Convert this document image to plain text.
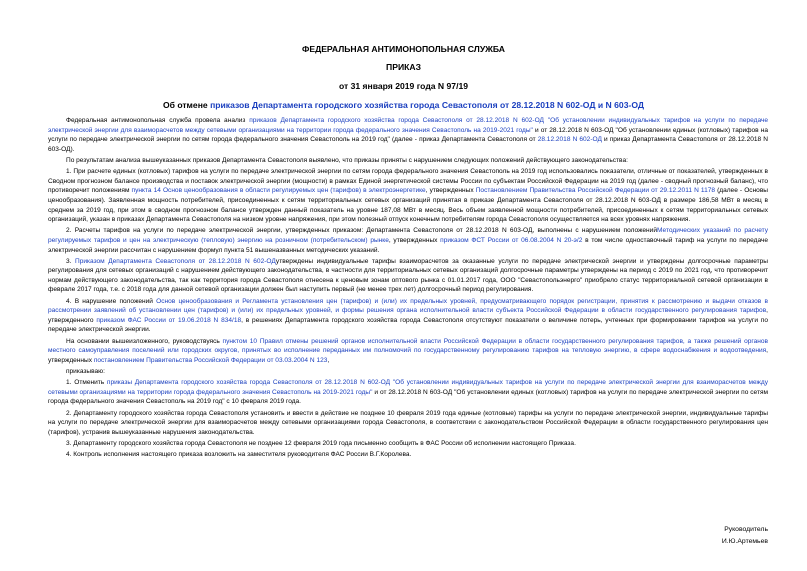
ФЕДЕРАЛЬНАЯ АНТИМОНОПОЛЬНАЯ СЛУЖБА
ПРИКАЗ
от 31 января 2019 года N 97/19
Об отмене приказов Департамента городского хозяйства города Севастополя от 28.12.2018 N 602-ОД и N 603-ОД

Федеральная антимонопольная служба провела анализ приказов Департамента городского хозяйства города Севастополя от 28.12.2018 N 602-ОД "Об установлении индивидуальных тарифов на услуги по передаче электрической энергии для взаиморасчетов между сетевыми организациями на территории города федерального значения Севастополь на 2019-2021 годы" и от 28.12.2018 N 603-ОД "Об установлении единых (котловых) тарифов на услуги по передаче электрической энергии по сетям города федерального значения Севастополь на 2019 год" (далее - приказ Департамента Севастополя от 28.12.2018 N 602-ОД и приказ Департамента Севастополя от 28.12.2018 N 603-ОД).

По результатам анализа вышеуказанных приказов Департамента Севастополя выявлено, что приказы приняты с нарушением следующих положений действующего законодательства:

1. При расчете единых (котловых) тарифов на услуги по передаче электрической энергии по сетям города федерального значения Севастополь на 2019 год использовались показатели, отличные от показателей, утвержденных в Сводном прогнозном балансе производства и поставок электрической энергии (мощности) в рамках Единой энергетической системы России по субъектам Российской Федерации на 2019 год (далее - сводный прогнозный баланс), что противоречит положениям пункта 14 Основ ценообразования в области регулируемых цен (тарифов) в электроэнергетике, утвержденных Постановлением Правительства Российской Федерации от 29.12.2011 N 1178 (далее - Основы ценообразования). Заявленная мощность потребителей, присоединенных к сетям территориальных сетевых организаций принятая в приказе Департамента Севастополя от 28.12.2018 N 603-ОД в размере 186,58 МВт в месяц в среднем за 2019 год, при этом в сводном прогнозном балансе утвержден данный показатель на уровне 187,08 МВт в месяц. Весь объем заявленной мощности потребителей, присоединенных к сетям территориальных сетевых организаций, указан в приказах Департамента Севастополя на низком уровне напряжения, при этом полезный отпуск конечным потребителям города Севастополя осуществляется на всех уровнях напряжения.

2. Расчеты тарифов на услуги по передаче электрической энергии, утвержденных приказом: Департамента Севастополя от 28.12.2018 N 603-ОД, выполнены с нарушением положенийМетодических указаний по расчету регулируемых тарифов и цен на электрическую (тепловую) энергию на розничном (потребительском) рынке, утвержденных приказом ФСТ России от 06.08.2004 N 20-э/2 в том числе одноставочный тариф на услуги по передаче электрической энергии рассчитан с нарушением формул пункта 51 вышеназванных методических указаний.

3. Приказом Департамента Севастополя от 28.12.2018 N 602-ОДутверждены индивидуальные тарифы взаиморасчетов за оказанные услуги по передаче электрической энергии и утверждены долгосрочные параметры регулирования для сетевых организаций с нарушением действующего законодательства, в частности для территориальных сетевых организаций долгосрочные параметры утверждены на период с 2019 по 2021 год, что противоречит нормам действующего законодательства, так как территория города Севастополя отнесена к ценовым зонам оптового рынка с 01.01.2017 года, ООО "Севастопольэнерго" приобрело статус территориальной сетевой организации в феврале 2017 года, т.е. с 2018 года для данной сетевой организации должен был наступить первый (не менее трех лет) долгосрочный период регулирования.

4. В нарушение положений Основ ценообразования и Регламента установления цен (тарифов) и (или) их предельных уровней, предусматривающего порядок регистрации, принятия к рассмотрению и выдачи отказов в рассмотрении заявлений об установлении цен (тарифов) и (или) их предельных уровней, и формы решения органа исполнительной власти субъекта Российской Федерации в области государственного регулирования тарифов, утвержденного приказом ФАС России от 19.06.2018 N 834/18, в решениях Департамента городского хозяйства города Севастополя отсутствуют показатели о величине потерь, учтенных при формировании тарифов на услуги по передаче электрической энергии.

На основании вышеизложенного, руководствуясь пунктом 10 Правил отмены решений органов исполнительной власти Российской Федерации в области государственного регулирования тарифов, а также решений органов местного самоуправления поселений или городских округов, принятых во исполнение переданных им полномочий по государственному регулированию тарифов на тепловую энергию, в сфере водоснабжения и водоотведения, утвержденных постановлением Правительства Российской Федерации от 03.03.2004 N 123,

приказываю:

1. Отменить приказы Департамента городского хозяйства города Севастополя от 28.12.2018 N 602-ОД "Об установлении индивидуальных тарифов на услуги по передаче электрической энергии для взаиморасчетов между сетевыми организациями на территории города федерального значения Севастополь на 2019-2021 годы" и от 28.12.2018 N 603-ОД "Об установлении единых (котловых) тарифов на услуги по передаче электрической энергии по сетям города федерального значения Севастополь на 2019 год" с 10 февраля 2019 года.

2. Департаменту городского хозяйства города Севастополя установить и ввести в действие не позднее 10 февраля 2019 года единые (котловые) тарифы на услуги по передаче электрической энергии, индивидуальные тарифы на услуги по передаче электрической энергии для взаиморасчетов между сетевыми организациями города Севастополя, в соответствии с законодательством Российской Федерации в области государственного регулирования цен (тарифов), устранив вышеуказанные нарушения законодательства.

3. Департаменту городского хозяйства города Севастополя не позднее 12 февраля 2019 года письменно сообщить в ФАС России об исполнении настоящего Приказа.

4. Контроль исполнения настоящего приказа возложить на заместителя руководителя ФАС России В.Г.Королева.

Руководитель
И.Ю.Артемьев
